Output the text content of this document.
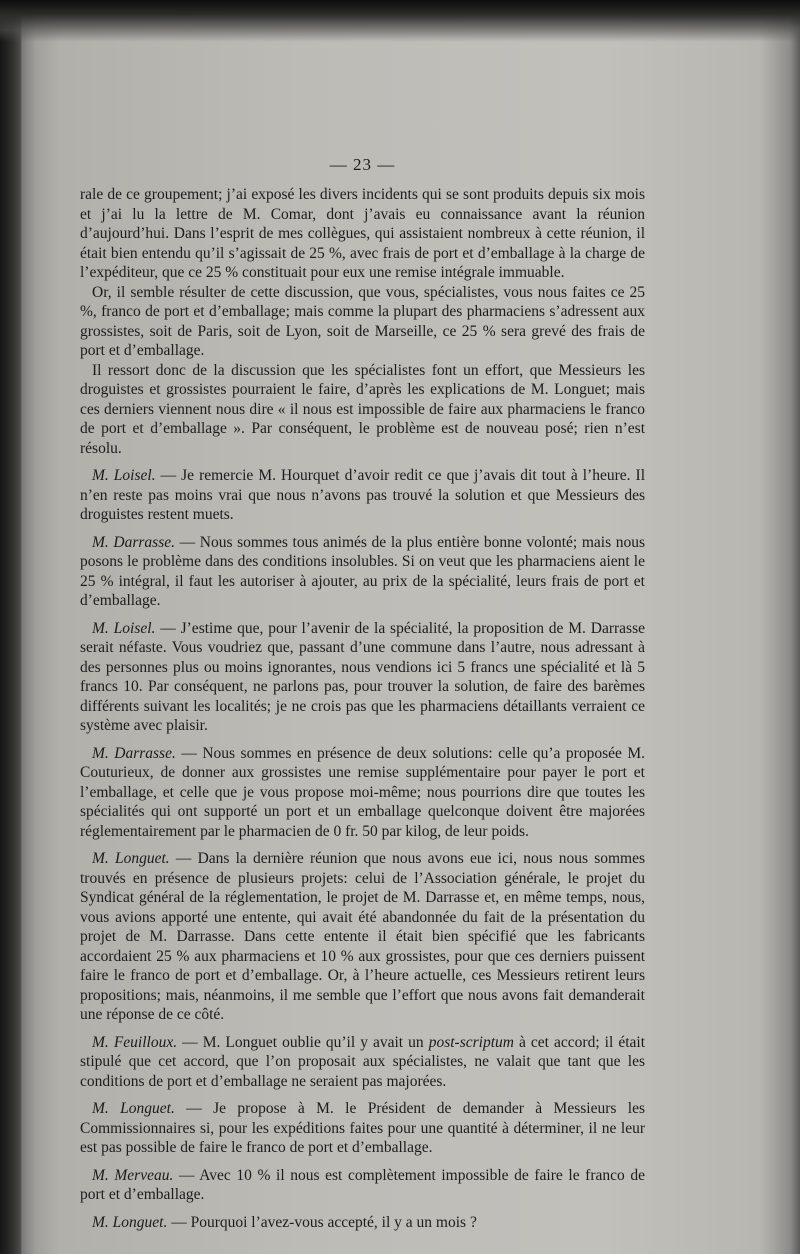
— 23 —

rale de ce groupement; j’ai exposé les divers incidents qui se sont produits depuis six mois et j’ai lu la lettre de M. Comar, dont j’avais eu connaissance avant la réunion d’aujourd’hui. Dans l’esprit de mes collègues, qui assistaient nombreux à cette réunion, il était bien entendu qu’il s’agissait de 25 %, avec frais de port et d’emballage à la charge de l’expéditeur, que ce 25 % constituait pour eux une remise intégrale immuable.

Or, il semble résulter de cette discussion, que vous, spécialistes, vous nous faites ce 25 %, franco de port et d’emballage; mais comme la plupart des pharmaciens s’adressent aux grossistes, soit de Paris, soit de Lyon, soit de Marseille, ce 25 % sera grevé des frais de port et d’emballage.

Il ressort donc de la discussion que les spécialistes font un effort, que Messieurs les droguistes et grossistes pourraient le faire, d’après les explications de M. Longuet; mais ces derniers viennent nous dire « il nous est impossible de faire aux pharmaciens le franco de port et d’emballage ». Par conséquent, le problème est de nouveau posé; rien n’est résolu.

M. Loisel. — Je remercie M. Hourquet d’avoir redit ce que j’avais dit tout à l’heure. Il n’en reste pas moins vrai que nous n’avons pas trouvé la solution et que Messieurs des droguistes restent muets.

M. Darrasse. — Nous sommes tous animés de la plus entière bonne volonté; mais nous posons le problème dans des conditions insolubles. Si on veut que les pharmaciens aient le 25 % intégral, il faut les autoriser à ajouter, au prix de la spécialité, leurs frais de port et d’emballage.

M. Loisel. — J’estime que, pour l’avenir de la spécialité, la proposition de M. Darrasse serait néfaste. Vous voudriez que, passant d’une commune dans l’autre, nous adressant à des personnes plus ou moins ignorantes, nous vendions ici 5 francs une spécialité et là 5 francs 10. Par conséquent, ne parlons pas, pour trouver la solution, de faire des barèmes différents suivant les localités; je ne crois pas que les pharmaciens détaillants verraient ce système avec plaisir.

M. Darrasse. — Nous sommes en présence de deux solutions: celle qu’a proposée M. Couturieux, de donner aux grossistes une remise supplémentaire pour payer le port et l’emballage, et celle que je vous propose moi-même; nous pourrions dire que toutes les spécialités qui ont supporté un port et un emballage quelconque doivent être majorées réglementairement par le pharmacien de 0 fr. 50 par kilog, de leur poids.

M. Longuet. — Dans la dernière réunion que nous avons eue ici, nous nous sommes trouvés en présence de plusieurs projets: celui de l’Association générale, le projet du Syndicat général de la réglementation, le projet de M. Darrasse et, en même temps, nous, vous avions apporté une entente, qui avait été abandonnée du fait de la présentation du projet de M. Darrasse. Dans cette entente il était bien spécifié que les fabricants accordaient 25 % aux pharmaciens et 10 % aux grossistes, pour que ces derniers puissent faire le franco de port et d’emballage. Or, à l’heure actuelle, ces Messieurs retirent leurs propositions; mais, néanmoins, il me semble que l’effort que nous avons fait demanderait une réponse de ce côté.

M. Feuilloux. — M. Longuet oublie qu’il y avait un post-scriptum à cet accord; il était stipulé que cet accord, que l’on proposait aux spécialistes, ne valait que tant que les conditions de port et d’emballage ne seraient pas majorées.

M. Longuet. — Je propose à M. le Président de demander à Messieurs les Commissionnaires si, pour les expéditions faites pour une quantité à déterminer, il ne leur est pas possible de faire le franco de port et d’emballage.

M. Merveau. — Avec 10 % il nous est complètement impossible de faire le franco de port et d’emballage.

M. Longuet. — Pourquoi l’avez-vous accepté, il y a un mois ?
